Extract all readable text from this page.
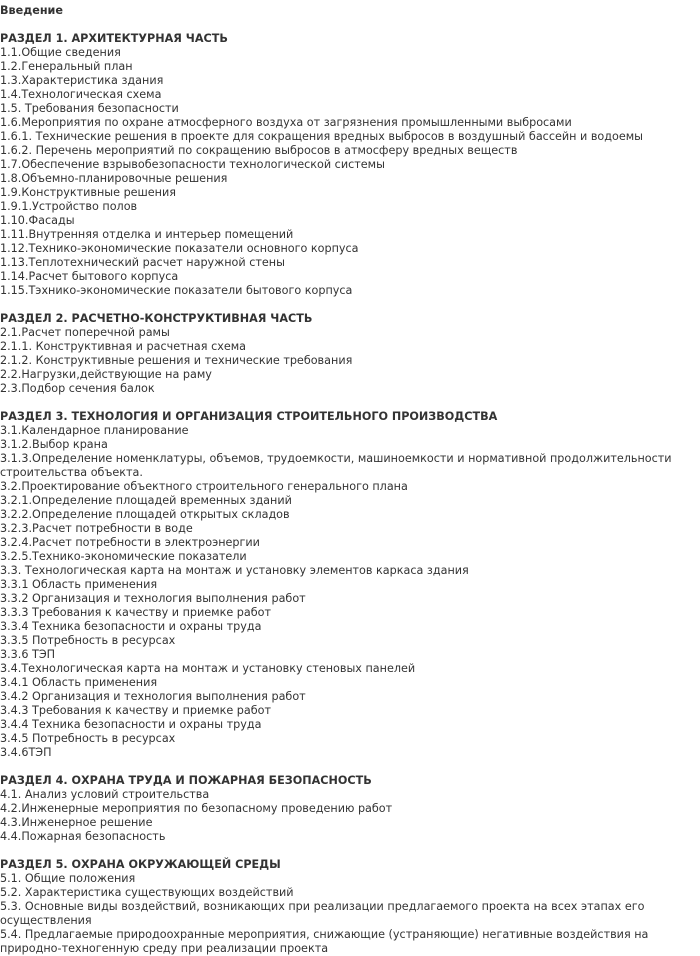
Введение
РАЗДЕЛ 1. АРХИТЕКТУРНАЯ ЧАСТЬ
1.1.Общие сведения
1.2.Генеральный план
1.3.Характеристика здания
1.4.Технологическая схема
1.5. Требования безопасности
1.6.Мероприятия по охране атмосферного воздуха от загрязнения промышленными выбросами
1.6.1. Технические решения в проекте для сокращения вредных выбросов в воздушный бассейн и водоемы
1.6.2. Перечень мероприятий по сокращению выбросов в атмосферу вредных веществ
1.7.Обеспечение взрывобезопасности технологической системы
1.8.Объемно-планировочные решения
1.9.Конструктивные решения
1.9.1.Устройство полов
1.10.Фасады
1.11.Внутренняя отделка и интерьер помещений
1.12.Технико-экономические показатели основного корпуса
1.13.Теплотехнический расчет наружной стены
1.14.Расчет бытового корпуса
1.15.Тэхнико-экономические показатели бытового корпуса
РАЗДЕЛ 2. РАСЧЕТНО-КОНСТРУКТИВНАЯ ЧАСТЬ
2.1.Расчет поперечной рамы
2.1.1. Конструктивная и расчетная схема
2.1.2. Конструктивные решения и технические требования
2.2.Нагрузки,действующие на раму
2.3.Подбор сечения балок
РАЗДЕЛ 3. ТЕХНОЛОГИЯ И ОРГАНИЗАЦИЯ СТРОИТЕЛЬНОГО ПРОИЗВОДСТВА
3.1.Календарное планирование
3.1.2.Выбор крана
3.1.3.Определение номенклатуры, объемов, трудоемкости, машиноемкости и нормативной продолжительности строительства объекта.
3.2.Проектирование объектного строительного генерального плана
3.2.1.Определение площадей временных зданий
3.2.2.Определение площадей открытых складов
3.2.3.Расчет потребности в воде
3.2.4.Расчет потребности в электроэнергии
3.2.5.Технико-экономические показатели
3.3. Технологическая карта на монтаж и установку элементов каркаса здания
3.3.1 Область применения
3.3.2 Организация и технология выполнения работ
3.3.3 Требования к качеству и приемке работ
3.3.4 Техника безопасности и охраны труда
3.3.5 Потребность в ресурсах
3.3.6 ТЭП
3.4.Технологическая карта на монтаж и установку стеновых панелей
3.4.1 Область применения
3.4.2 Организация и технология выполнения работ
3.4.3 Требования к качеству и приемке работ
3.4.4 Техника безопасности и охраны труда
3.4.5 Потребность в ресурсах
3.4.6ТЭП
РАЗДЕЛ 4. ОХРАНА ТРУДА И ПОЖАРНАЯ БЕЗОПАСНОСТЬ
4.1. Анализ условий строительства
4.2.Инженерные мероприятия по безопасному проведению работ
4.3.Инженерное решение
4.4.Пожарная безопасность
РАЗДЕЛ 5. ОХРАНА ОКРУЖАЮЩЕЙ СРЕДЫ
5.1. Общие положения
5.2. Характеристика существующих воздействий
5.3. Основные виды воздействий, возникающих при реализации предлагаемого проекта на всех этапах его осуществления
5.4. Предлагаемые природоохранные мероприятия, снижающие (устраняющие) негативные воздействия на природно-техногенную среду при реализации проекта
